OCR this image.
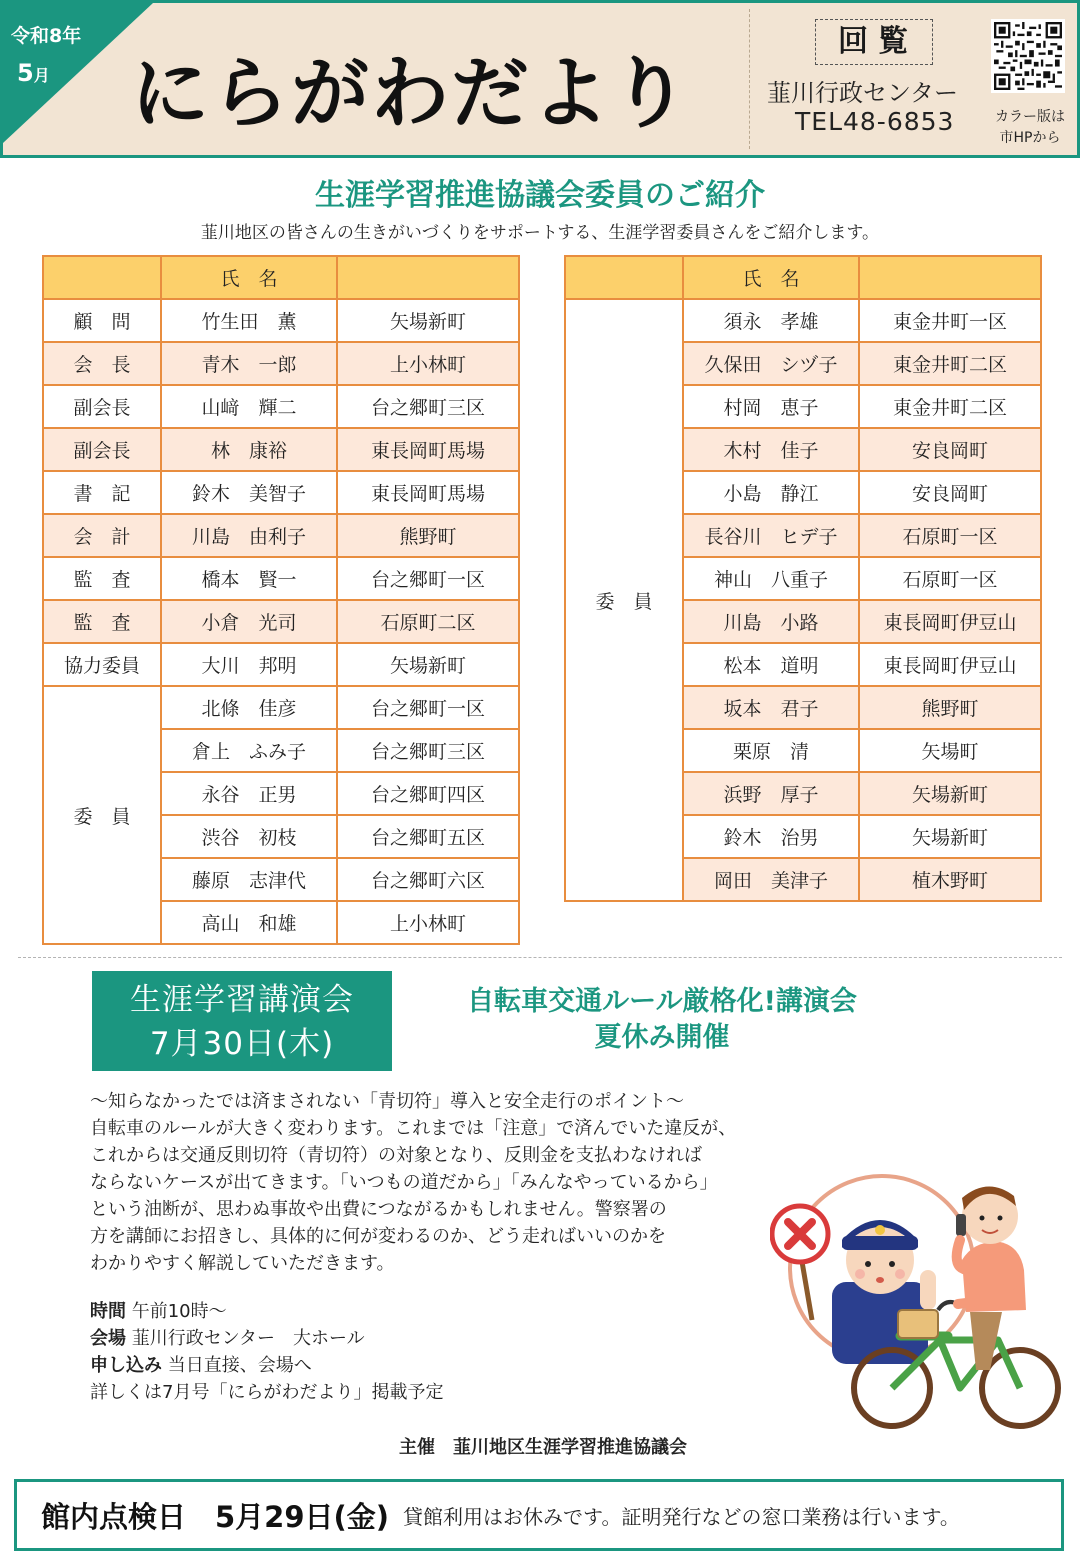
令和8年
5月 にらがわだより
回覧
韮川行政センター
TEL48-6853	カラー版は
市HPから
生涯学習推進協議会委員のご紹介
韮川地区の皆さんの生きがいづくりをサポートする、生涯学習委員さんをご紹介します。
	氏　名	
顧　問	竹生田　薫	矢場新町
会　長	青木　一郎	上小林町
副会長	山﨑　輝二	台之郷町三区
副会長	林　康裕	東長岡町馬場
書　記	鈴木　美智子	東長岡町馬場
会　計	川島　由利子	熊野町
監　査	橋本　賢一	台之郷町一区
監　査	小倉　光司	石原町二区
協力委員	大川　邦明	矢場新町
委　員	北條　佳彦	台之郷町一区
	倉上　ふみ子	台之郷町三区
	永谷　正男	台之郷町四区
	渋谷　初枝	台之郷町五区
	藤原　志津代	台之郷町六区
	高山　和雄	上小林町
	氏　名	
委　員	須永　孝雄	東金井町一区
	久保田　シヅ子	東金井町二区
	村岡　恵子	東金井町二区
	木村　佳子	安良岡町
	小島　静江	安良岡町
	長谷川　ヒデ子	石原町一区
	神山　八重子	石原町一区
	川島　小路	東長岡町伊豆山
	松本　道明	東長岡町伊豆山
	坂本　君子	熊野町
	栗原　清	矢場町
	浜野　厚子	矢場新町
	鈴木　治男	矢場新町
	岡田　美津子	植木野町
生涯学習講演会
7月30日(木)
自転車交通ルール厳格化!講演会
夏休み開催
～知らなかったでは済まされない「青切符」導入と安全走行のポイント～
自転車のルールが大きく変わります。これまでは「注意」で済んでいた違反が、
これからは交通反則切符（青切符）の対象となり、反則金を支払わなければ
ならないケースが出てきます。「いつもの道だから」「みんなやっているから」
という油断が、思わぬ事故や出費につながるかもしれません。警察署の
方を講師にお招きし、具体的に何が変わるのか、どう走ればいいのかを
わかりやすく解説していただきます。
時間 午前10時～
会場 韮川行政センター　大ホール
申し込み 当日直接、会場へ
詳しくは7月号「にらがわだより」掲載予定
主催　韮川地区生涯学習推進協議会
館内点検日　5月29日(金) 貸館利用はお休みです。証明発行などの窓口業務は行います。
